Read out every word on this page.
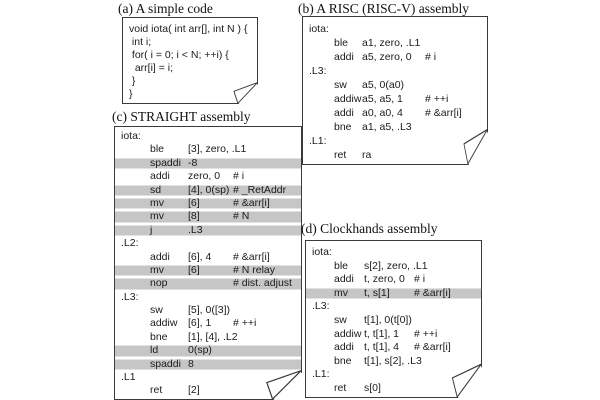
(a) A simple code
void iota( int arr[], int N ) {
int i;
for( i = 0; i < N; ++i) {
arr[i] = i;
}
}
(b) A RISC (RISC-V) assembly
iota:
ble a1, zero, .L1
addi a5, zero, 0 # i
.L3:
sw a5, 0(a0)
addiwa5, a5, 1 # ++i
addi a0, a0, 4 # &arr[i]
bne a1, a5, .L3
.L1:
ret ra
(c) STRAIGHT assembly
iota:
ble [3], zero, .L1
spaddi -8
addi zero, 0 # i
sd	[4], 0(sp) # _RetAddr
mv [6]	# &arr[i]
mv [8]	# N
j	.L3
.L2:
addi [6], 4 # &arr[i]
mv [6]	# N relay
nop	# dist. adjust
.L3:
sw [5], 0([3])
addiw [6], 1 # ++i
bne [1], [4], .L2
ld	0(sp)
spaddi 8
.L1
ret [2]
(d) Clockhands assembly
iota:
ble s[2], zero, .L1
addi t, zero, 0 # i
mv t, s[1] # &arr[i]
.L3:
sw t[1], 0(t[0])
addiw t, t[1], 1 # ++i
addi t, t[1], 4 # &arr[i]
bne t[1], s[2], .L3
.L1:
ret s[0]
